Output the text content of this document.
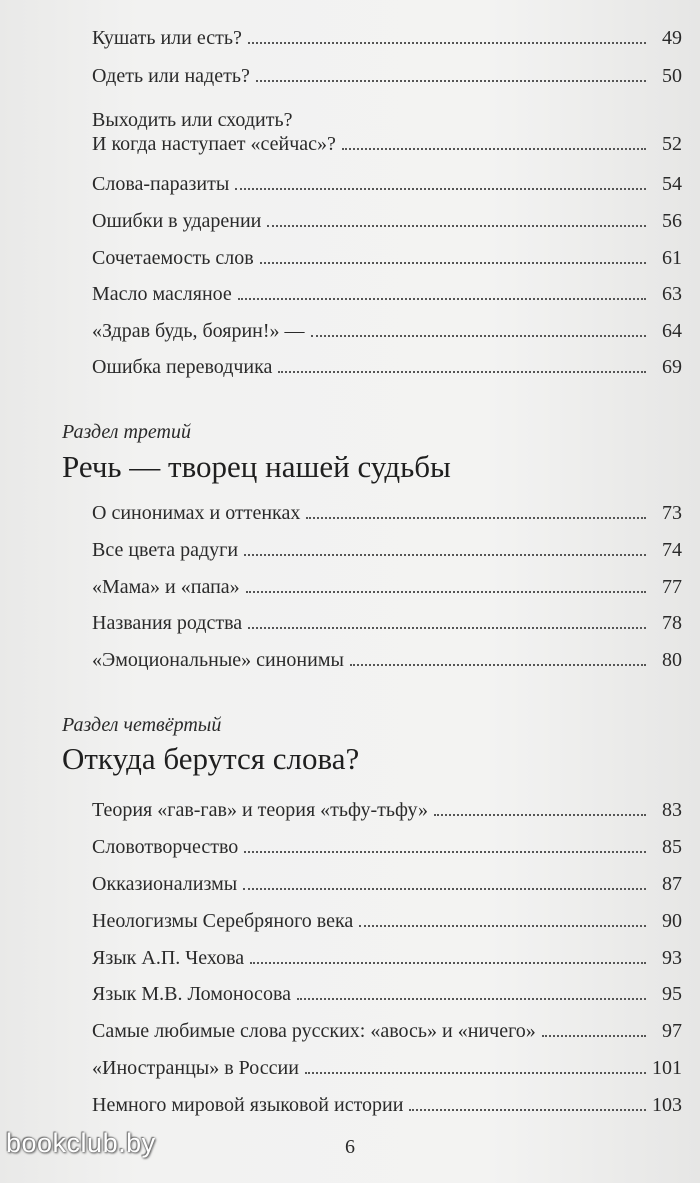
Кушать или есть?	49
Одеть или надеть?	50
Выходить или сходить?
И когда наступает «сейчас»?	52
Слова-паразиты	54
Ошибки в ударении	56
Сочетаемость слов	61
Масло масляное	63
«Здрав будь, боярин!» —	64
Ошибка переводчика	69
Раздел третий
Речь — творец нашей судьбы
О синонимах и оттенках	73
Все цвета радуги	74
«Мама» и «папа»	77
Названия родства	78
«Эмоциональные» синонимы	80
Раздел четвёртый
Откуда берутся слова?
Теория «гав-гав» и теория «тьфу-тьфу»	83
Словотворчество	85
Окказионализмы	87
Неологизмы Серебряного века	90
Язык А.П. Чехова	93
Язык М.В. Ломоносова	95
Самые любимые слова русских: «авось» и «ничего»	97
«Иностранцы» в России	101
Немного мировой языковой истории	103
6
bookclub.by
